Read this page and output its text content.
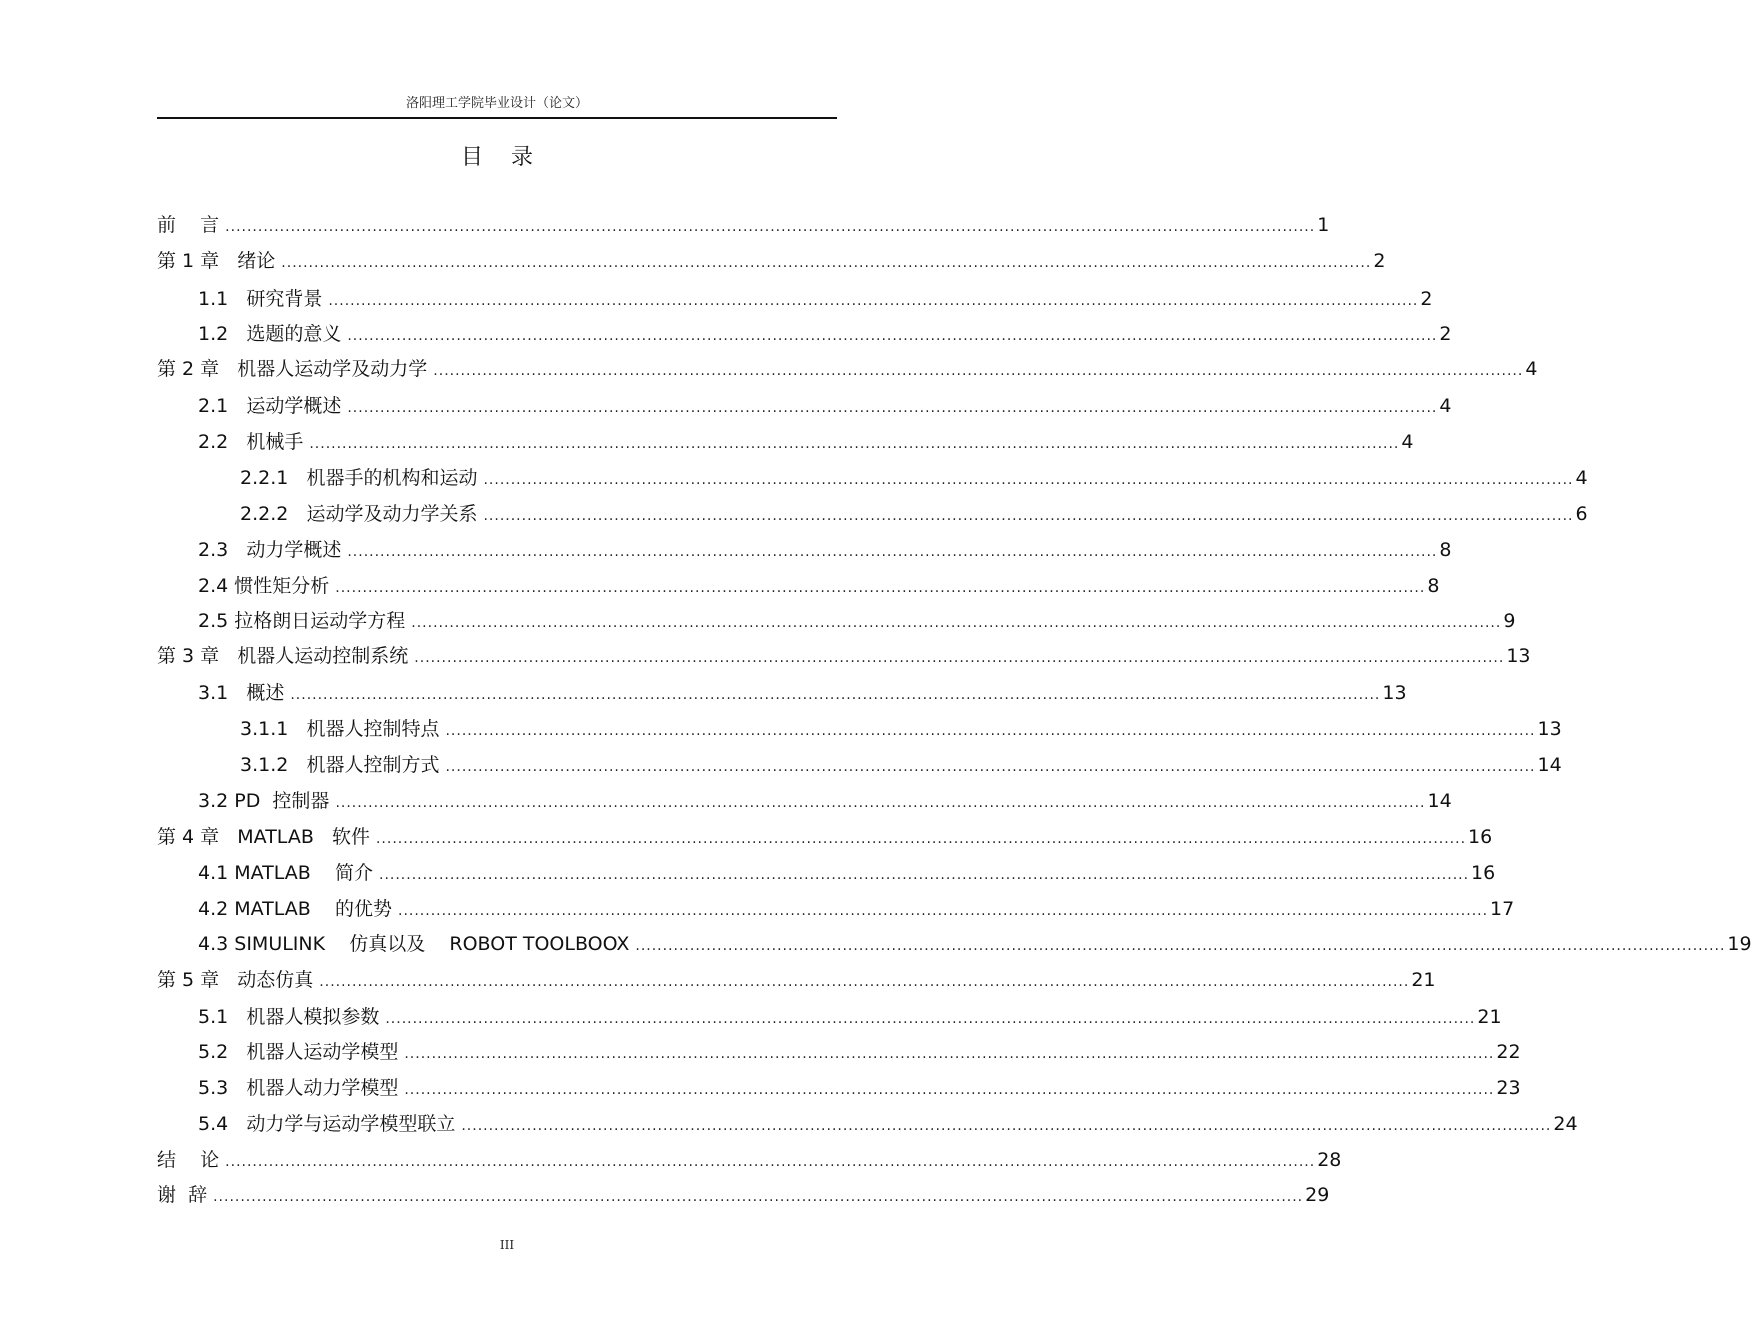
洛阳理工学院毕业设计（论文）
目    录
前    言 ........................................................................................................................................................................................................ 1
第 1 章   绪论 ........................................................................................................................................................................................................ 2
1.1   研究背景 ........................................................................................................................................................................................................ 2
1.2   选题的意义 ........................................................................................................................................................................................................ 2
第 2 章   机器人运动学及动力学 ........................................................................................................................................................................................................ 4
2.1   运动学概述 ........................................................................................................................................................................................................ 4
2.2   机械手 ........................................................................................................................................................................................................ 4
2.2.1   机器手的机构和运动 ........................................................................................................................................................................................................ 4
2.2.2   运动学及动力学关系 ........................................................................................................................................................................................................ 6
2.3   动力学概述 ........................................................................................................................................................................................................ 8
2.4 惯性矩分析 ........................................................................................................................................................................................................ 8
2.5 拉格朗日运动学方程 ........................................................................................................................................................................................................ 9
第 3 章   机器人运动控制系统 ........................................................................................................................................................................................................ 13
3.1   概述 ........................................................................................................................................................................................................ 13
3.1.1   机器人控制特点 ........................................................................................................................................................................................................ 13
3.1.2   机器人控制方式 ........................................................................................................................................................................................................ 14
3.2 PD  控制器 ........................................................................................................................................................................................................ 14
第 4 章   MATLAB   软件 ........................................................................................................................................................................................................ 16
4.1 MATLAB    简介 ........................................................................................................................................................................................................ 16
4.2 MATLAB    的优势 ........................................................................................................................................................................................................ 17
4.3 SIMULINK    仿真以及    ROBOT TOOLBOOX ........................................................................................................................................................................................................ 19
第 5 章   动态仿真 ........................................................................................................................................................................................................ 21
5.1   机器人模拟参数 ........................................................................................................................................................................................................ 21
5.2   机器人运动学模型 ........................................................................................................................................................................................................ 22
5.3   机器人动力学模型 ........................................................................................................................................................................................................ 23
5.4   动力学与运动学模型联立 ........................................................................................................................................................................................................ 24
结    论 ........................................................................................................................................................................................................ 28
谢  辞 ........................................................................................................................................................................................................ 29
III
